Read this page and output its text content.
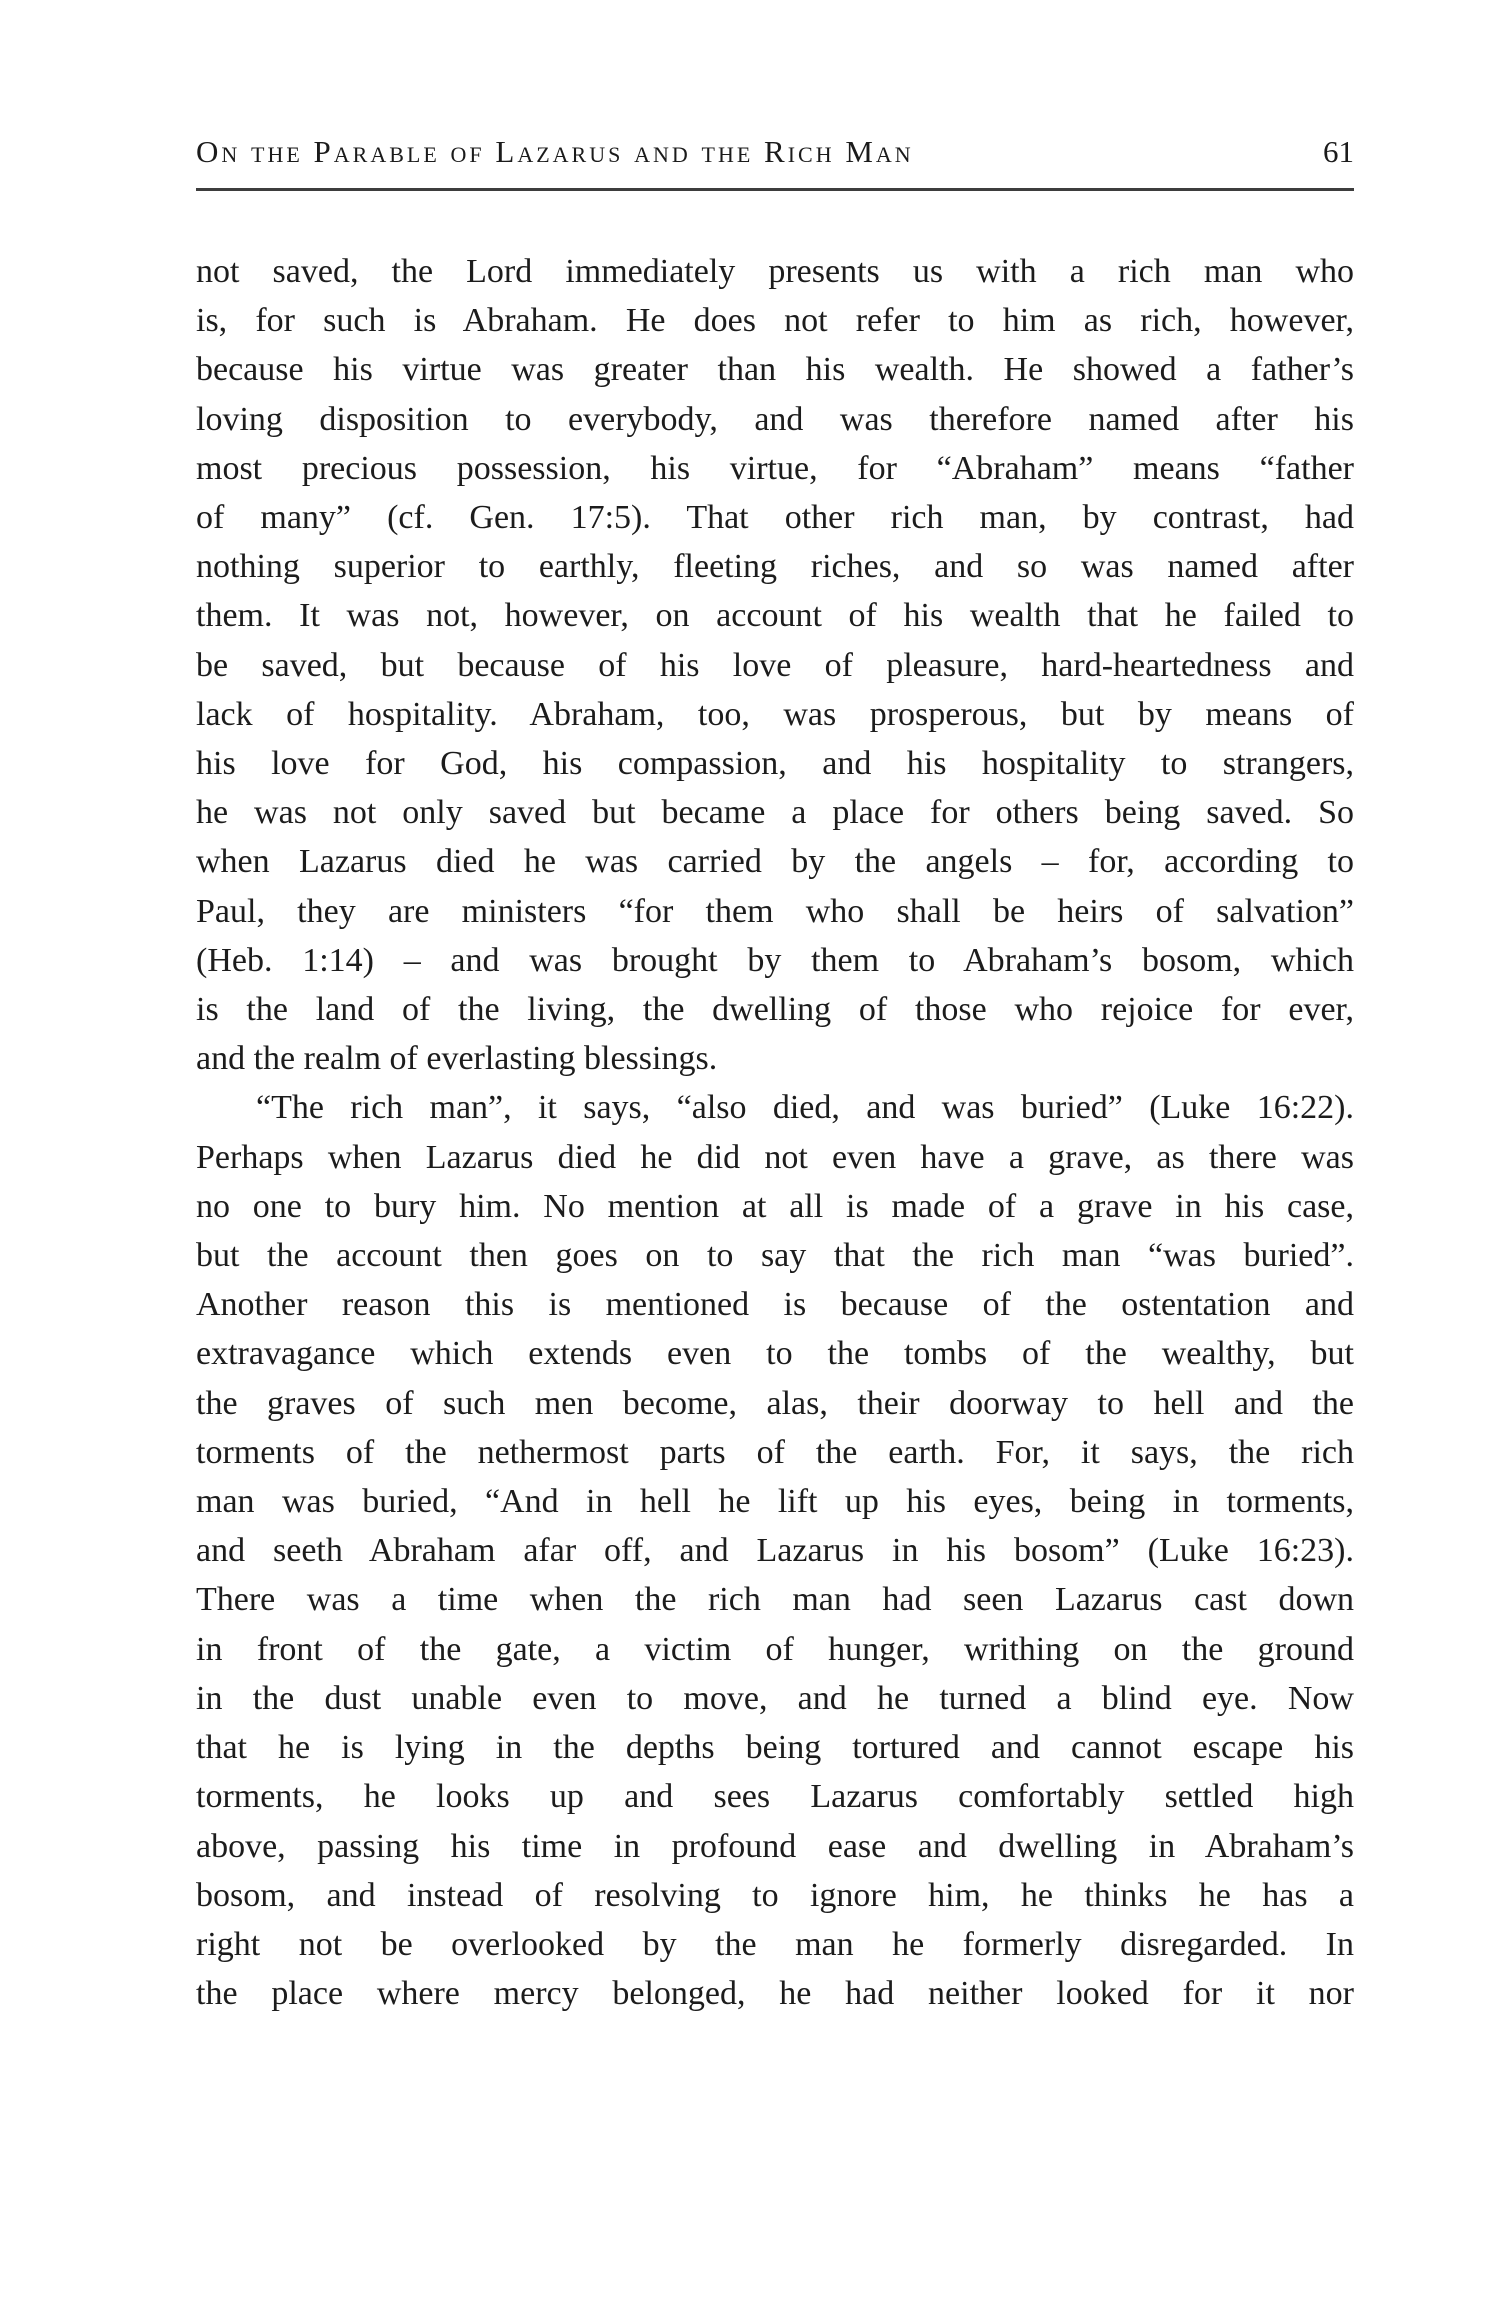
On the Parable of Lazarus and the Rich Man	61
not saved, the Lord immediately presents us with a rich man who
is, for such is Abraham. He does not refer to him as rich, however,
because his virtue was greater than his wealth. He showed a father’s
loving disposition to everybody, and was therefore named after his
most precious possession, his virtue, for “Abraham” means “father
of many” (cf. Gen. 17:5). That other rich man, by contrast, had
nothing superior to earthly, fleeting riches, and so was named after
them. It was not, however, on account of his wealth that he failed to
be saved, but because of his love of pleasure, hard-heartedness and
lack of hospitality. Abraham, too, was prosperous, but by means of
his love for God, his compassion, and his hospitality to strangers,
he was not only saved but became a place for others being saved. So
when Lazarus died he was carried by the angels – for, according to
Paul, they are ministers “for them who shall be heirs of salvation”
(Heb. 1:14) – and was brought by them to Abraham’s bosom, which
is the land of the living, the dwelling of those who rejoice for ever,
and the realm of everlasting blessings.
“The rich man”, it says, “also died, and was buried” (Luke 16:22).
Perhaps when Lazarus died he did not even have a grave, as there was
no one to bury him. No mention at all is made of a grave in his case,
but the account then goes on to say that the rich man “was buried”.
Another reason this is mentioned is because of the ostentation and
extravagance which extends even to the tombs of the wealthy, but
the graves of such men become, alas, their doorway to hell and the
torments of the nethermost parts of the earth. For, it says, the rich
man was buried, “And in hell he lift up his eyes, being in torments,
and seeth Abraham afar off, and Lazarus in his bosom” (Luke 16:23).
There was a time when the rich man had seen Lazarus cast down
in front of the gate, a victim of hunger, writhing on the ground
in the dust unable even to move, and he turned a blind eye. Now
that he is lying in the depths being tortured and cannot escape his
torments, he looks up and sees Lazarus comfortably settled high
above, passing his time in profound ease and dwelling in Abraham’s
bosom, and instead of resolving to ignore him, he thinks he has a
right not be overlooked by the man he formerly disregarded. In
the place where mercy belonged, he had neither looked for it nor
